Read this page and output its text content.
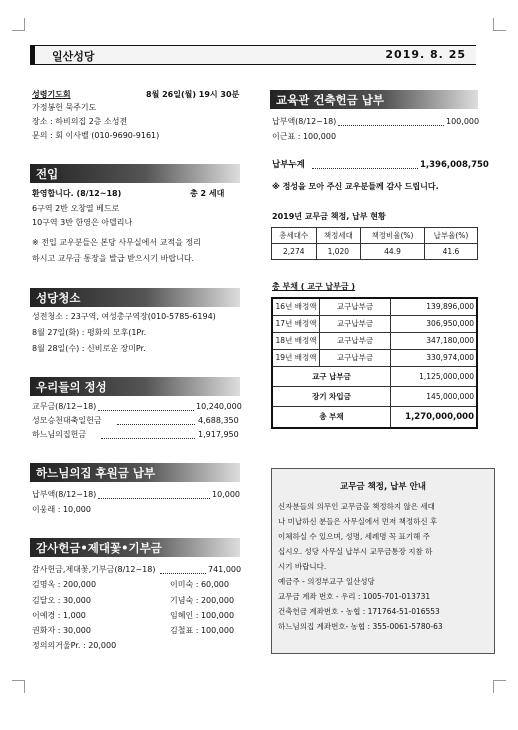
일산성당	2019. 8. 25
성령기도회	8월 26일(월) 19시 30분
가정봉헌 묵주기도
장소 : 하비의집 2층 소성전
문의 : 회 이사벨 (010-9690-9161)
전입
환영합니다. (8/12~18)	총 2 세대
6구역 2반 오창열 베드로
10구역 3반 한영은 아델리나
※ 전입 교우분들은 본당 사무실에서 교적을 정리
하시고 교무금 통장을 발급 받으시기 바랍니다.
성당청소
성전청소 : 23구역, 여성총구역장(010-5785-6194)
8월 27일(화) : 평화의 모후(1Pr.
8월 28일(수) : 신비로운 장미Pr.
우리들의 정성
교무금(8/12~18)	10,240,000
성모승천대축일헌금	4,688,350
하느님의집헌금	1,917,950
하느님의집 후원금 납부
납부액(8/12~18)	10,000
이웅래 : 10,000
감사헌금•제대꽃•기부금
감사헌금,제대꽃,기부금(8/12~18)	741,000
김명옥 : 200,000
김달오 : 30,000
이예경 : 1,000
권화자 : 30,000
정의의거울Pr. : 20,000
이미숙 : 60,000
기념숙 : 200,000
임혜인 : 100,000
김철표 : 100,000
교육관 건축헌금 납부
납부액(8/12~18)	100,000
이근표 : 100,000
납부누계	1,396,008,750
※ 정성을 모아 주신 교우분들께 감사 드립니다.
2019년 교무금 책정, 납부 현황
총세대수	책정세대	책정비율(%)	납부율(%)
2,274	1,020	44.9	41.6
총 부채 ( 교구 납부금 )
16년 배정액	교구납부금	139,896,000
17년 배정액	교구납부금	306,950,000
18년 배정액	교구납부금	347,180,000
19년 배정액	교구납부금	330,974,000
교구 납부금		1,125,000,000
장기 차입금		145,000,000
총 부채		1,270,000,000
교무금 책정, 납부 안내
신자분들의 의무인 교무금을 책정하지 않은 세대
나 미납하신 분들은 사무실에서 먼저 책정하신 후
이체하실 수 있으며, 성명, 세례명 꼭 표기해 주
십시오. 성당 사무실 납부시 교무금통장 지참 하
시기 바랍니다.
예금주 - 의정부교구 일산성당
교무금 계좌 번호 - 우리 : 1005-701-013731
건축헌금 계좌번호 - 농협 : 171764-51-016553
하느님의집 계좌번호- 농협 : 355-0061-5780-63
